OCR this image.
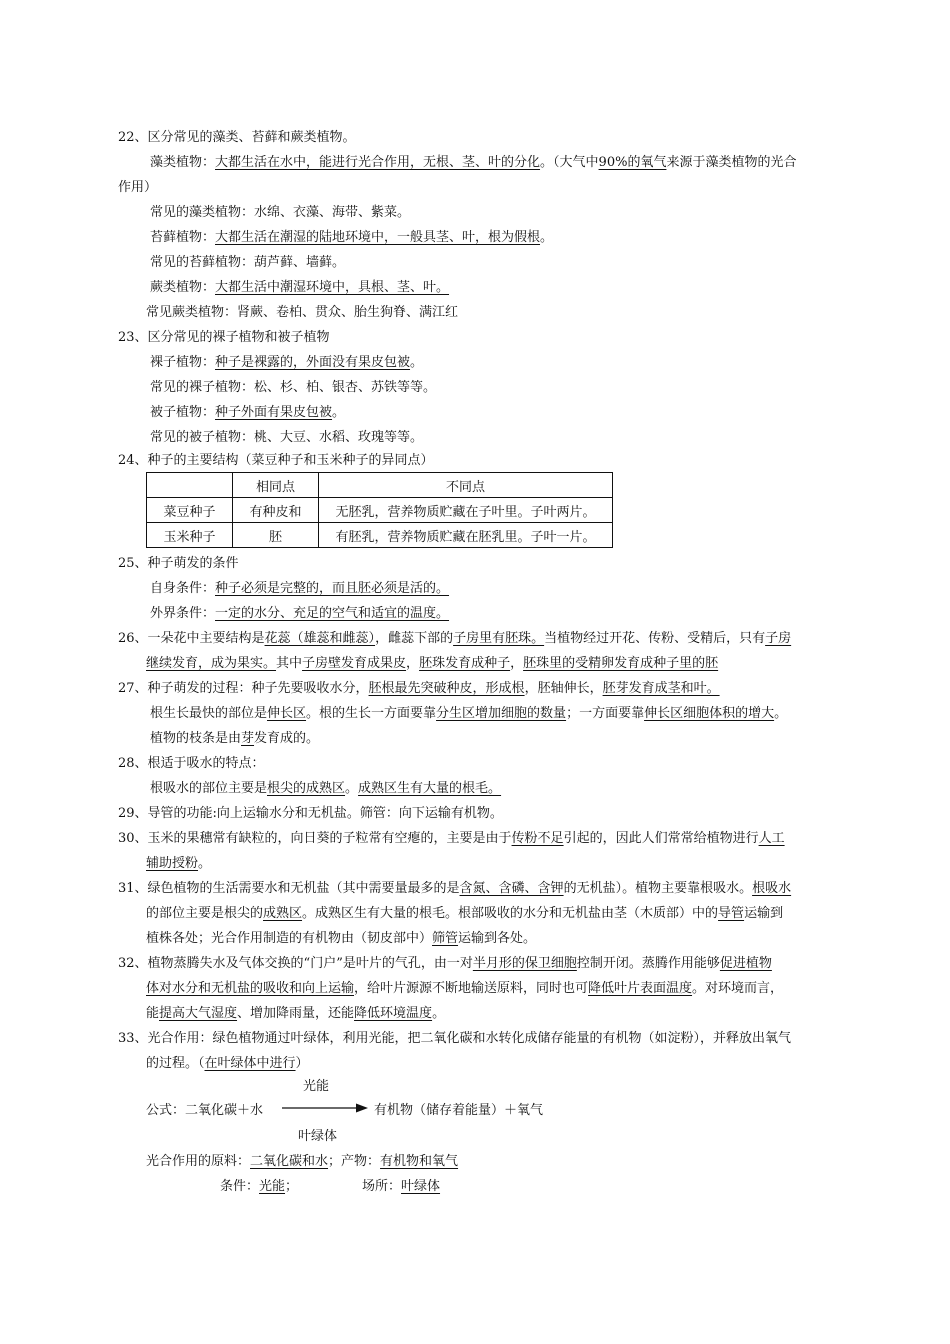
22、区分常见的藻类、苔藓和蕨类植物。
藻类植物：大都生活在水中，能进行光合作用，无根、茎、叶的分化。（大气中90%的氧气来源于藻类植物的光合
作用）
常见的藻类植物：水绵、衣藻、海带、紫菜。
苔藓植物：大都生活在潮湿的陆地环境中，一般具茎、叶，根为假根。
常见的苔藓植物：葫芦藓、墙藓。
蕨类植物：大都生活中潮湿环境中，具根、茎、叶。
常见蕨类植物：肾蕨、卷柏、贯众、胎生狗脊、满江红
23、区分常见的裸子植物和被子植物
裸子植物：种子是裸露的，外面没有果皮包被。
常见的裸子植物：松、杉、柏、银杏、苏铁等等。
被子植物：种子外面有果皮包被。
常见的被子植物：桃、大豆、水稻、玫瑰等等。
24、种子的主要结构（菜豆种子和玉米种子的异同点）
	相同点	不同点
菜豆种子	有种皮和	无胚乳，营养物质贮藏在子叶里。子叶两片。
玉米种子	胚	有胚乳，营养物质贮藏在胚乳里。子叶一片。
25、种子萌发的条件
自身条件：种子必须是完整的，而且胚必须是活的。
外界条件：一定的水分、充足的空气和适宜的温度。
26、一朵花中主要结构是花蕊（雄蕊和雌蕊），雌蕊下部的子房里有胚珠。当植物经过开花、传粉、受精后，只有子房
继续发育，成为果实。其中子房壁发育成果皮，胚珠发育成种子，胚珠里的受精卵发育成种子里的胚
27、种子萌发的过程：种子先要吸收水分，胚根最先突破种皮，形成根，胚轴伸长，胚芽发育成茎和叶。
根生长最快的部位是伸长区。根的生长一方面要靠分生区增加细胞的数量；一方面要靠伸长区细胞体积的增大。
植物的枝条是由芽发育成的。
28、根适于吸水的特点：
根吸水的部位主要是根尖的成熟区。成熟区生有大量的根毛。
29、导管的功能:向上运输水分和无机盐。筛管：向下运输有机物。
30、玉米的果穗常有缺粒的，向日葵的子粒常有空瘪的，主要是由于传粉不足引起的，因此人们常常给植物进行人工
辅助授粉。
31、绿色植物的生活需要水和无机盐（其中需要量最多的是含氮、含磷、含钾的无机盐）。植物主要靠根吸水。根吸水
的部位主要是根尖的成熟区。成熟区生有大量的根毛。根部吸收的水分和无机盐由茎（木质部）中的导管运输到
植株各处；光合作用制造的有机物由（韧皮部中）筛管运输到各处。
32、植物蒸腾失水及气体交换的“门户”是叶片的气孔，由一对半月形的保卫细胞控制开闭。蒸腾作用能够促进植物
体对水分和无机盐的吸收和向上运输，给叶片源源不断地输送原料，同时也可降低叶片表面温度。对环境而言，
能提高大气湿度、增加降雨量，还能降低环境温度。
33、光合作用：绿色植物通过叶绿体，利用光能，把二氧化碳和水转化成储存能量的有机物（如淀粉），并释放出氧气
的过程。（在叶绿体中进行）
光能
公式：二氧化碳＋水	有机物（储存着能量）＋氧气
叶绿体
光合作用的原料：二氧化碳和水；产物：有机物和氧气
条件：光能；	场所：叶绿体
